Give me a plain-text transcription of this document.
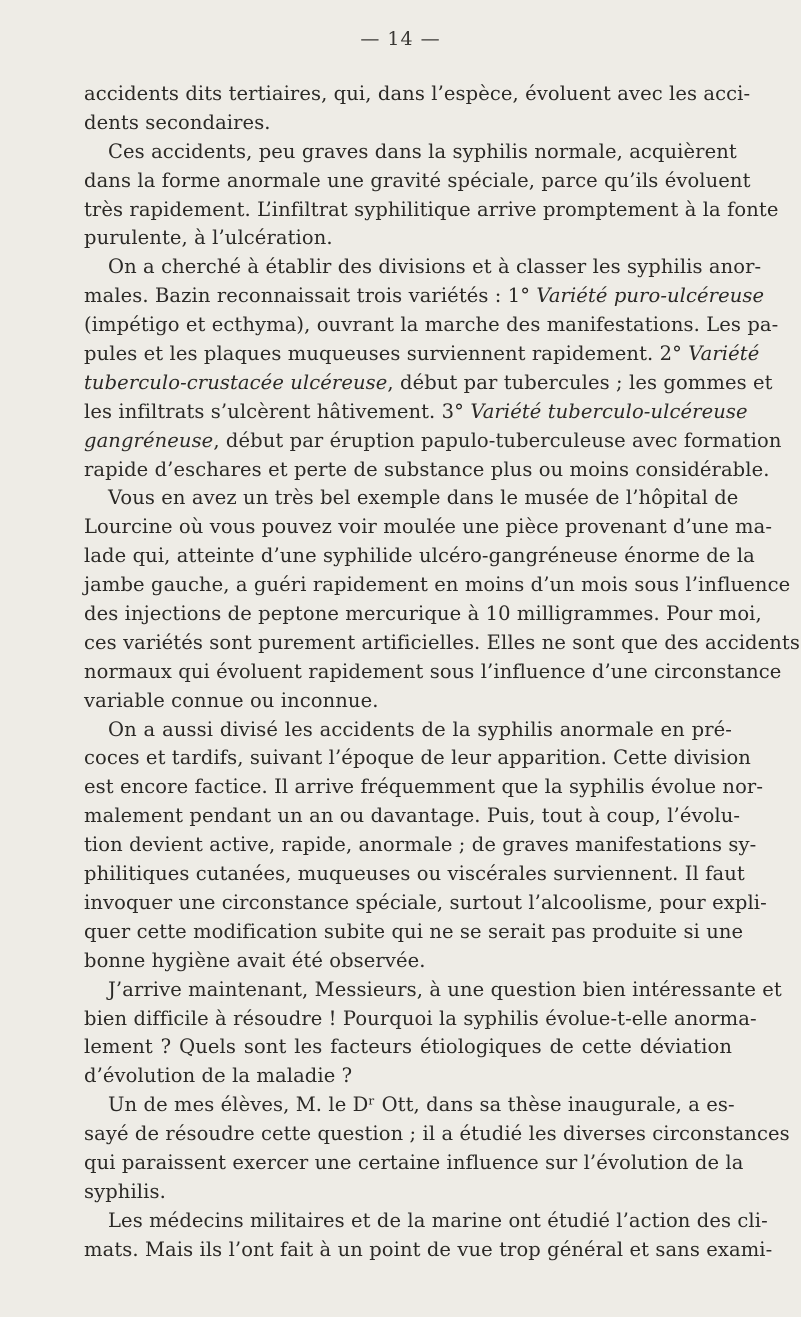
— 14 —
accidents dits tertiaires, qui, dans l’espèce, évoluent avec les acci-
dents secondaires.
Ces accidents, peu graves dans la syphilis normale, acquièrent
dans la forme anormale une gravité spéciale, parce qu’ils évoluent
très rapidement. L’infiltrat syphilitique arrive promptement à la fonte
purulente, à l’ulcération.
On a cherché à établir des divisions et à classer les syphilis anor-
males. Bazin reconnaissait trois variétés : 1° Variété puro-ulcéreuse
(impétigo et ecthyma), ouvrant la marche des manifestations. Les pa-
pules et les plaques muqueuses surviennent rapidement. 2° Variété
tuberculo-crustacée ulcéreuse, début par tubercules ; les gommes et
les infiltrats s’ulcèrent hâtivement. 3° Variété tuberculo-ulcéreuse
gangréneuse, début par éruption papulo-tuberculeuse avec formation
rapide d’eschares et perte de substance plus ou moins considérable.
Vous en avez un très bel exemple dans le musée de l’hôpital de
Lourcine où vous pouvez voir moulée une pièce provenant d’une ma-
lade qui, atteinte d’une syphilide ulcéro-gangréneuse énorme de la
jambe gauche, a guéri rapidement en moins d’un mois sous l’influence
des injections de peptone mercurique à 10 milligrammes. Pour moi,
ces variétés sont purement artificielles. Elles ne sont que des accidents
normaux qui évoluent rapidement sous l’influence d’une circonstance
variable connue ou inconnue.
On a aussi divisé les accidents de la syphilis anormale en pré-
coces et tardifs, suivant l’époque de leur apparition. Cette division
est encore factice. Il arrive fréquemment que la syphilis évolue nor-
malement pendant un an ou davantage. Puis, tout à coup, l’évolu-
tion devient active, rapide, anormale ; de graves manifestations sy-
philitiques cutanées, muqueuses ou viscérales surviennent. Il faut
invoquer une circonstance spéciale, surtout l’alcoolisme, pour expli-
quer cette modification subite qui ne se serait pas produite si une
bonne hygiène avait été observée.
J’arrive maintenant, Messieurs, à une question bien intéressante et
bien difficile à résoudre ! Pourquoi la syphilis évolue-t-elle anorma-
lement ? Quels sont les facteurs étiologiques de cette déviation
d’évolution de la maladie ?
Un de mes élèves, M. le Dʳ Ott, dans sa thèse inaugurale, a es-
sayé de résoudre cette question ; il a étudié les diverses circonstances
qui paraissent exercer une certaine influence sur l’évolution de la
syphilis.
Les médecins militaires et de la marine ont étudié l’action des cli-
mats. Mais ils l’ont fait à un point de vue trop général et sans exami-
